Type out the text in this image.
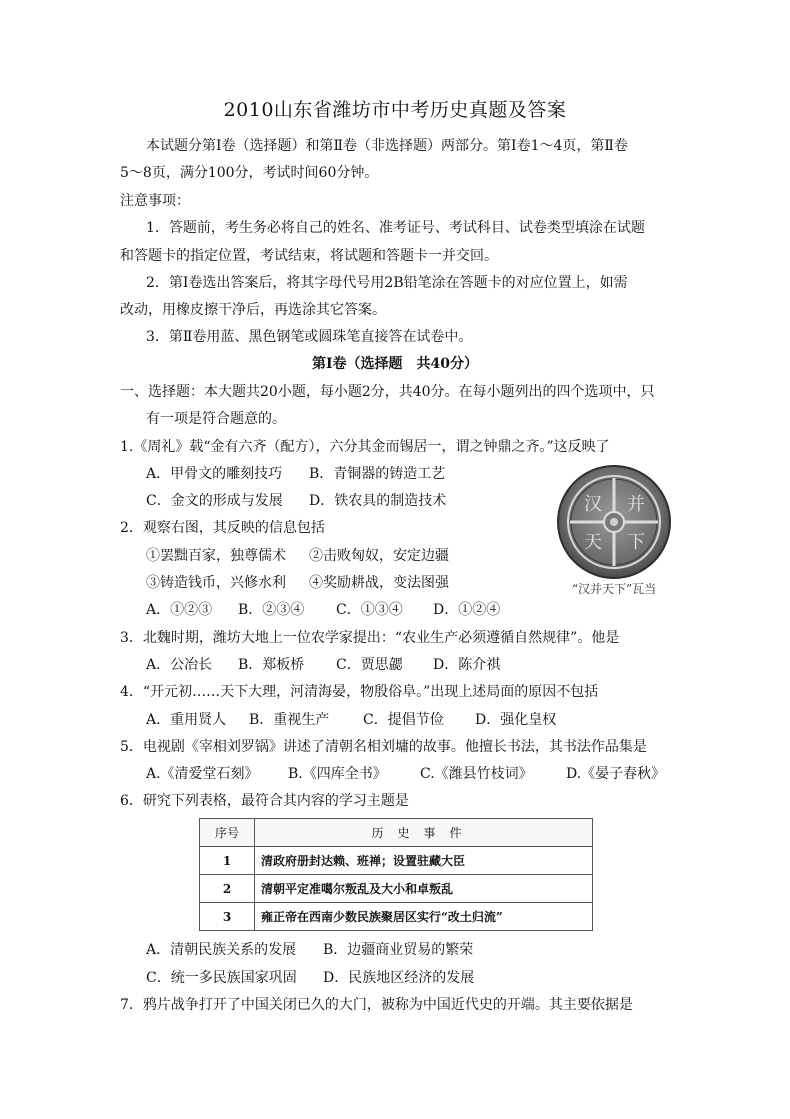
2010山东省潍坊市中考历史真题及答案
本试题分第Ⅰ卷（选择题）和第Ⅱ卷（非选择题）两部分。第Ⅰ卷1～4页，第Ⅱ卷
5～8页，满分100分，考试时间60分钟。
注意事项：
1．答题前，考生务必将自己的姓名、准考证号、考试科目、试卷类型填涂在试题
和答题卡的指定位置，考试结束，将试题和答题卡一并交回。
2．第Ⅰ卷选出答案后，将其字母代号用2B铅笔涂在答题卡的对应位置上，如需
改动，用橡皮擦干净后，再选涂其它答案。
3．第Ⅱ卷用蓝、黑色钢笔或圆珠笔直接答在试卷中。
第Ⅰ卷（选择题　共40分）
一、选择题：本大题共20小题，每小题2分，共40分。在每小题列出的四个选项中，只
有一项是符合题意的。
1.《周礼》载“金有六齐（配方），六分其金而锡居一，谓之钟鼎之齐。”这反映了
A．甲骨文的雕刻技巧 B．青铜器的铸造工艺
C．金文的形成与发展 D．铁农具的制造技术
2．观察右图，其反映的信息包括
①罢黜百家，独尊儒术 ②击败匈奴，安定边疆
③铸造钱币，兴修水利 ④奖励耕战，变法图强
A．①②③ B．②③④ C．①③④ D．①②④
汉 并
天 下
“汉并天下”瓦当
3．北魏时期，潍坊大地上一位农学家提出：“农业生产必须遵循自然规律”。他是
A．公冶长 B．郑板桥 C．贾思勰 D．陈介祺
4．“开元初……天下大理，河清海晏，物殷俗阜。”出现上述局面的原因不包括
A．重用贤人 B．重视生产 C．提倡节俭 D．强化皇权
5．电视剧《宰相刘罗锅》讲述了清朝名相刘墉的故事。他擅长书法，其书法作品集是
A.《清爱堂石刻》 B.《四库全书》 C.《潍县竹枝词》 D.《晏子春秋》
6．研究下列表格，最符合其内容的学习主题是
序号	历史事件
1	清政府册封达赖、班禅；设置驻藏大臣
2	清朝平定准噶尔叛乱及大小和卓叛乱
3	雍正帝在西南少数民族聚居区实行“改土归流”
A．清朝民族关系的发展 B．边疆商业贸易的繁荣
C．统一多民族国家巩固 D．民族地区经济的发展
7．鸦片战争打开了中国关闭已久的大门，被称为中国近代史的开端。其主要依据是
